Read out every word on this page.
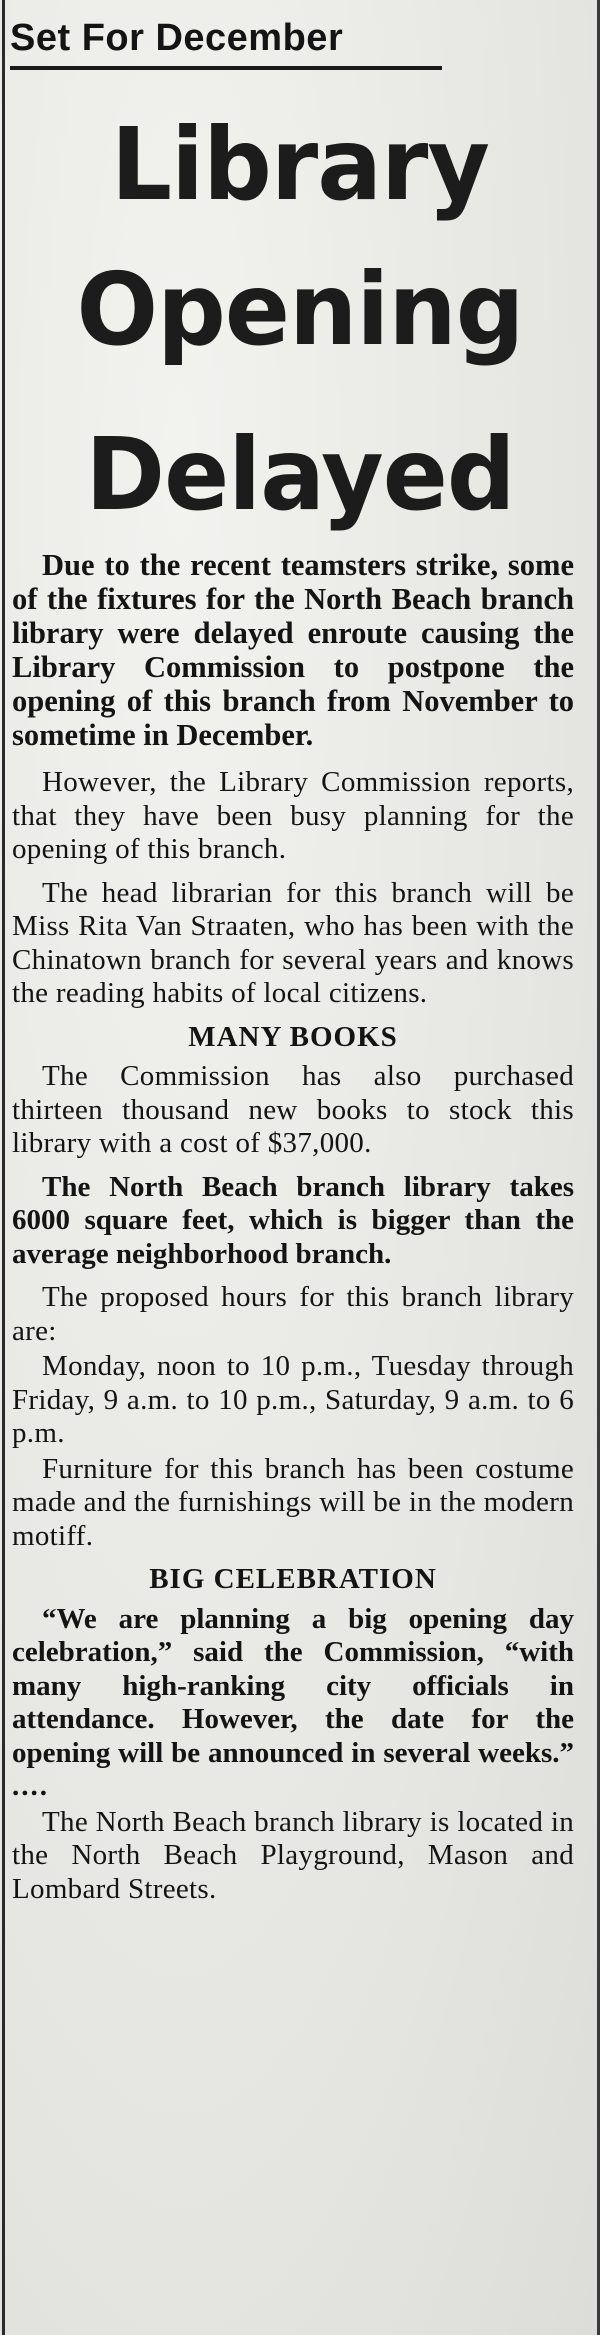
Set For December
Library
Opening
Delayed

Due to the recent teamsters strike, some of the fixtures for the North Beach branch library were delayed enroute causing the Library Commission to postpone the opening of this branch from November to sometime in December.

However, the Library Commission reports, that they have been busy planning for the opening of this branch.

The head librarian for this branch will be Miss Rita Van Straaten, who has been with the Chinatown branch for several years and knows the reading habits of local citizens.

MANY BOOKS

The Commission has also purchased thirteen thousand new books to stock this library with a cost of $37,000.

The North Beach branch library takes 6000 square feet, which is bigger than the average neighborhood branch.

The proposed hours for this branch library are:

Monday, noon to 10 p.m., Tuesday through Friday, 9 a.m. to 10 p.m., Saturday, 9 a.m. to 6 p.m.

Furniture for this branch has been costume made and the furnishings will be in the modern motiff.

BIG CELEBRATION

“We are planning a big opening day celebration,” said the Commission, “with many high-ranking city officials in attendance. However, the date for the opening will be announced in several weeks.” ....

The North Beach branch library is located in the North Beach Playground, Mason and Lombard Streets.
